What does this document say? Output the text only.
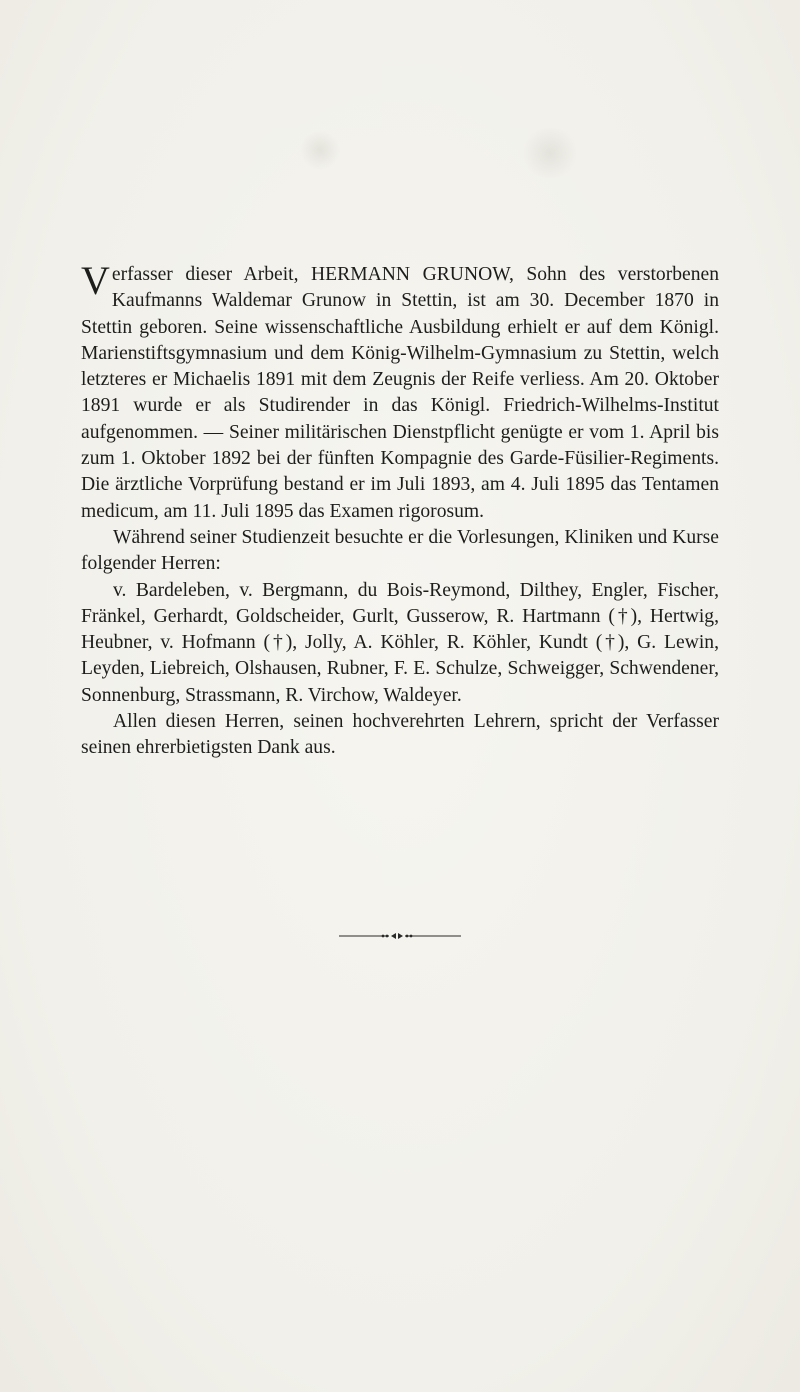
Verfasser dieser Arbeit, HERMANN GRUNOW, Sohn des verstorbenen Kaufmanns Waldemar Grunow in Stettin, ist am 30. December 1870 in Stettin geboren. Seine wissenschaftliche Ausbildung erhielt er auf dem Königl. Marienstiftsgymnasium und dem König-Wilhelm-Gymnasium zu Stettin, welch letzteres er Michaelis 1891 mit dem Zeugnis der Reife verliess. Am 20. Oktober 1891 wurde er als Studirender in das Königl. Friedrich-Wilhelms-Institut aufgenommen. — Seiner militärischen Dienstpflicht genügte er vom 1. April bis zum 1. Oktober 1892 bei der fünften Kompagnie des Garde-Füsilier-Regiments. Die ärztliche Vorprüfung bestand er im Juli 1893, am 4. Juli 1895 das Tentamen medicum, am 11. Juli 1895 das Examen rigorosum.

Während seiner Studienzeit besuchte er die Vorlesungen, Kliniken und Kurse folgender Herren:

v. Bardeleben, v. Bergmann, du Bois-Reymond, Dilthey, Engler, Fischer, Fränkel, Gerhardt, Goldscheider, Gurlt, Gusserow, R. Hartmann (†), Hertwig, Heubner, v. Hofmann (†), Jolly, A. Köhler, R. Köhler, Kundt (†), G. Lewin, Leyden, Liebreich, Olshausen, Rubner, F. E. Schulze, Schweigger, Schwendener, Sonnenburg, Strassmann, R. Virchow, Waldeyer.

Allen diesen Herren, seinen hochverehrten Lehrern, spricht der Verfasser seinen ehrerbietigsten Dank aus.
